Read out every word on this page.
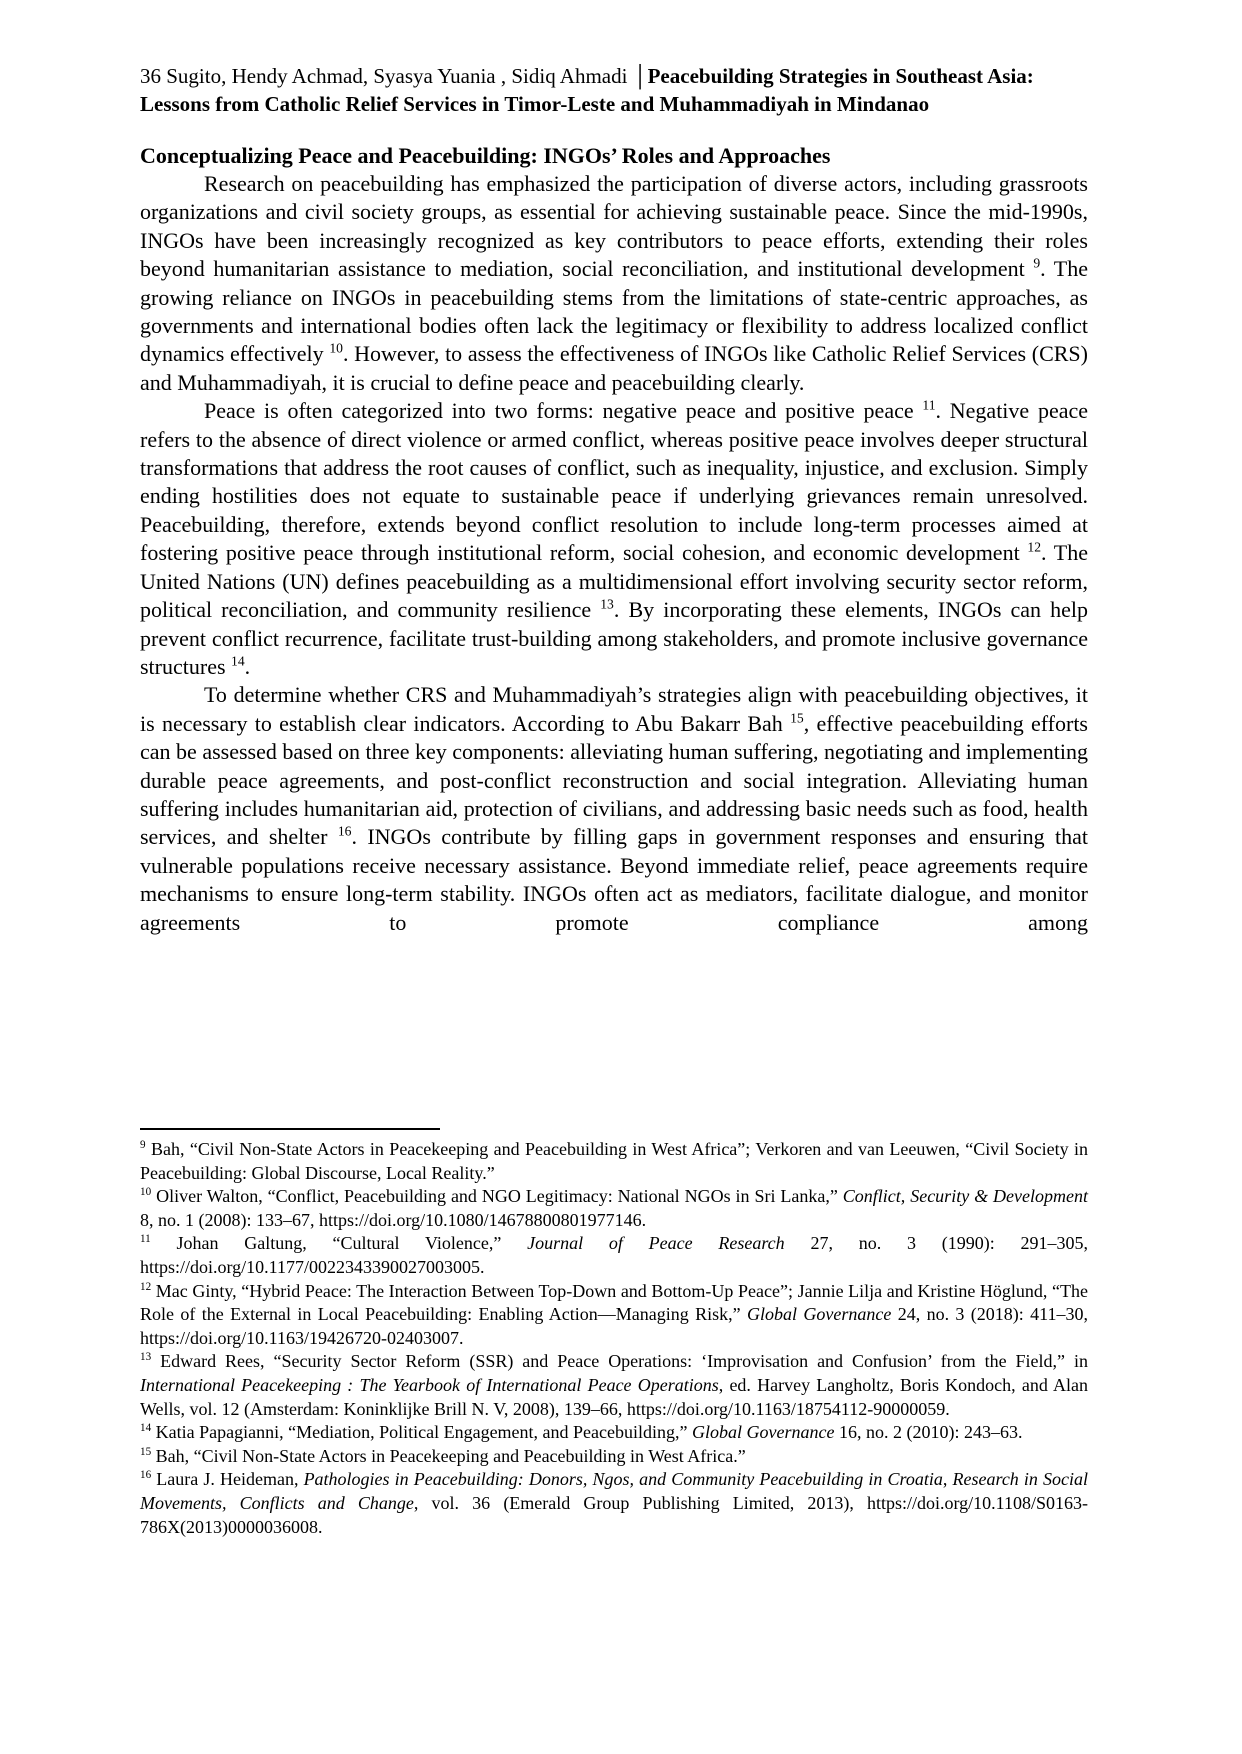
36 Sugito, Hendy Achmad, Syasya Yuania , Sidiq Ahmadi │Peacebuilding Strategies in Southeast Asia: Lessons from Catholic Relief Services in Timor-Leste and Muhammadiyah in Mindanao
Conceptualizing Peace and Peacebuilding: INGOs’ Roles and Approaches

Research on peacebuilding has emphasized the participation of diverse actors, including grassroots organizations and civil society groups, as essential for achieving sustainable peace. Since the mid-1990s, INGOs have been increasingly recognized as key contributors to peace efforts, extending their roles beyond humanitarian assistance to mediation, social reconciliation, and institutional development $^9$. The growing reliance on INGOs in peacebuilding stems from the limitations of state-centric approaches, as governments and international bodies often lack the legitimacy or flexibility to address localized conflict dynamics effectively $^{10}$. However, to assess the effectiveness of INGOs like Catholic Relief Services (CRS) and Muhammadiyah, it is crucial to define peace and peacebuilding clearly.

Peace is often categorized into two forms: negative peace and positive peace $^{11}$. Negative peace refers to the absence of direct violence or armed conflict, whereas positive peace involves deeper structural transformations that address the root causes of conflict, such as inequality, injustice, and exclusion. Simply ending hostilities does not equate to sustainable peace if underlying grievances remain unresolved. Peacebuilding, therefore, extends beyond conflict resolution to include long-term processes aimed at fostering positive peace through institutional reform, social cohesion, and economic development $^{12}$. The United Nations (UN) defines peacebuilding as a multidimensional effort involving security sector reform, political reconciliation, and community resilience $^{13}$. By incorporating these elements, INGOs can help prevent conflict recurrence, facilitate trust-building among stakeholders, and promote inclusive governance structures $^{14}$.

To determine whether CRS and Muhammadiyah’s strategies align with peacebuilding objectives, it is necessary to establish clear indicators. According to Abu Bakarr Bah $^{15}$, effective peacebuilding efforts can be assessed based on three key components: alleviating human suffering, negotiating and implementing durable peace agreements, and post-conflict reconstruction and social integration. Alleviating human suffering includes humanitarian aid, protection of civilians, and addressing basic needs such as food, health services, and shelter $^{16}$. INGOs contribute by filling gaps in government responses and ensuring that vulnerable populations receive necessary assistance. Beyond immediate relief, peace agreements require mechanisms to ensure long-term stability. INGOs often act as mediators, facilitate dialogue, and monitor agreements to promote compliance among

$^9$ Bah, “Civil Non-State Actors in Peacekeeping and Peacebuilding in West Africa”; Verkoren and van Leeuwen, “Civil Society in Peacebuilding: Global Discourse, Local Reality.”

$^{10}$ Oliver Walton, “Conflict, Peacebuilding and NGO Legitimacy: National NGOs in Sri Lanka,” Conflict, Security & Development 8, no. 1 (2008): 133–67, https://doi.org/10.1080/14678800801977146.

$^{11}$ Johan Galtung, “Cultural Violence,” Journal of Peace Research 27, no. 3 (1990): 291–305, https://doi.org/10.1177/0022343390027003005.

$^{12}$ Mac Ginty, “Hybrid Peace: The Interaction Between Top-Down and Bottom-Up Peace”; Jannie Lilja and Kristine Höglund, “The Role of the External in Local Peacebuilding: Enabling Action—Managing Risk,” Global Governance 24, no. 3 (2018): 411–30, https://doi.org/10.1163/19426720-02403007.

$^{13}$ Edward Rees, “Security Sector Reform (SSR) and Peace Operations: ‘Improvisation and Confusion’ from the Field,” in International Peacekeeping : The Yearbook of International Peace Operations, ed. Harvey Langholtz, Boris Kondoch, and Alan Wells, vol. 12 (Amsterdam: Koninklijke Brill N. V, 2008), 139–66, https://doi.org/10.1163/18754112-90000059.

$^{14}$ Katia Papagianni, “Mediation, Political Engagement, and Peacebuilding,” Global Governance 16, no. 2 (2010): 243–63.

$^{15}$ Bah, “Civil Non-State Actors in Peacekeeping and Peacebuilding in West Africa.”

$^{16}$ Laura J. Heideman, Pathologies in Peacebuilding: Donors, Ngos, and Community Peacebuilding in Croatia, Research in Social Movements, Conflicts and Change, vol. 36 (Emerald Group Publishing Limited, 2013), https://doi.org/10.1108/S0163-786X(2013)0000036008.
